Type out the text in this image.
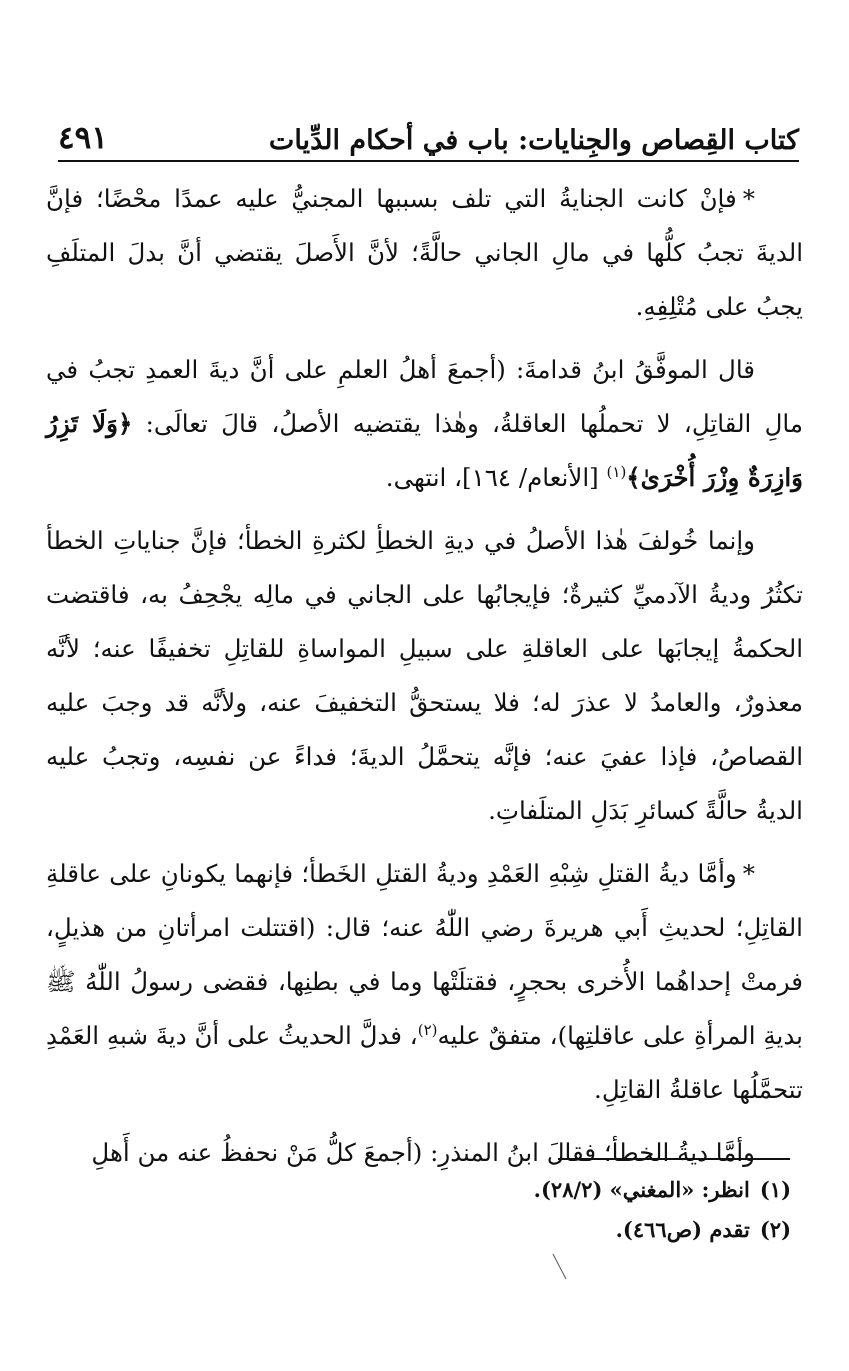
كتاب القِصاص والجِنايات: باب في أحكام الدِّيات
٤٩١

*فإنْ كانت الجنايةُ التي تلف بسببها المجنيُّ عليه عمدًا محْضًا؛ فإنَّ الديةَ تجبُ كلُّها في مالِ الجاني حالَّةً؛ لأنَّ الأَصلَ يقتضي أنَّ بدلَ المتلَفِ يجبُ على مُتْلِفِهِ.

قال الموفَّقُ ابنُ قدامةَ: (أجمعَ أهلُ العلمِ على أنَّ ديةَ العمدِ تجبُ في مالِ القاتِلِ، لا تحملُها العاقلةُ، وهٰذا يقتضيه الأصلُ، قالَ تعالَى: ﴿وَلَا تَزِرُ وَازِرَةٌ وِزْرَ أُخْرَىٰ﴾$^{(١)}$ [الأنعام/ ١٦٤]، انتهى.

وإنما خُولفَ هٰذا الأصلُ في ديةِ الخطأِ لكثرةِ الخطأ؛ فإنَّ جناياتِ الخطأ تكثُرُ وديةُ الآدميِّ كثيرةٌ؛ فإيجابُها على الجاني في مالِه يجْحِفُ به، فاقتضت الحكمةُ إيجابَها على العاقلةِ على سبيلِ المواساةِ للقاتِلِ تخفيفًا عنه؛ لأنَّه معذورٌ، والعامدُ لا عذرَ له؛ فلا يستحقُّ التخفيفَ عنه، ولأنَّه قد وجبَ عليه القصاصُ، فإذا عفيَ عنه؛ فإنَّه يتحمَّلُ الديةَ؛ فداءً عن نفسِه، وتجبُ عليه الديةُ حالَّةً كسائرِ بَدَلِ المتلَفاتِ.

*وأمَّا ديةُ القتلِ شِبْهِ العَمْدِ وديةُ القتلِ الخَطأ؛ فإنهما يكونانِ على عاقلةِ القاتِلِ؛ لحديثِ أَبي هريرةَ رضي اللّٰهُ عنه؛ قال: (اقتتلت امرأتانِ من هذيلٍ، فرمتْ إحداهُما الأُخرى بحجرٍ، فقتلَتْها وما في بطنِها، فقضى رسولُ اللّٰهُ ﷺ بديةِ المرأةِ على عاقلتِها)، متفقٌ عليه$^{(٢)}$، فدلَّ الحديثُ على أنَّ ديةَ شبهِ العَمْدِ تتحمَّلُها عاقلةُ القاتِلِ.

وأمَّا ديةُ الخطأ؛ فقالَ ابنُ المنذرِ: (أجمعَ كلُّ مَنْ نحفظُ عنه من أَهلِ

(١)انظر: «المغني» (٢٨/٢).

(٢)تقدم (ص٤٦٦).
